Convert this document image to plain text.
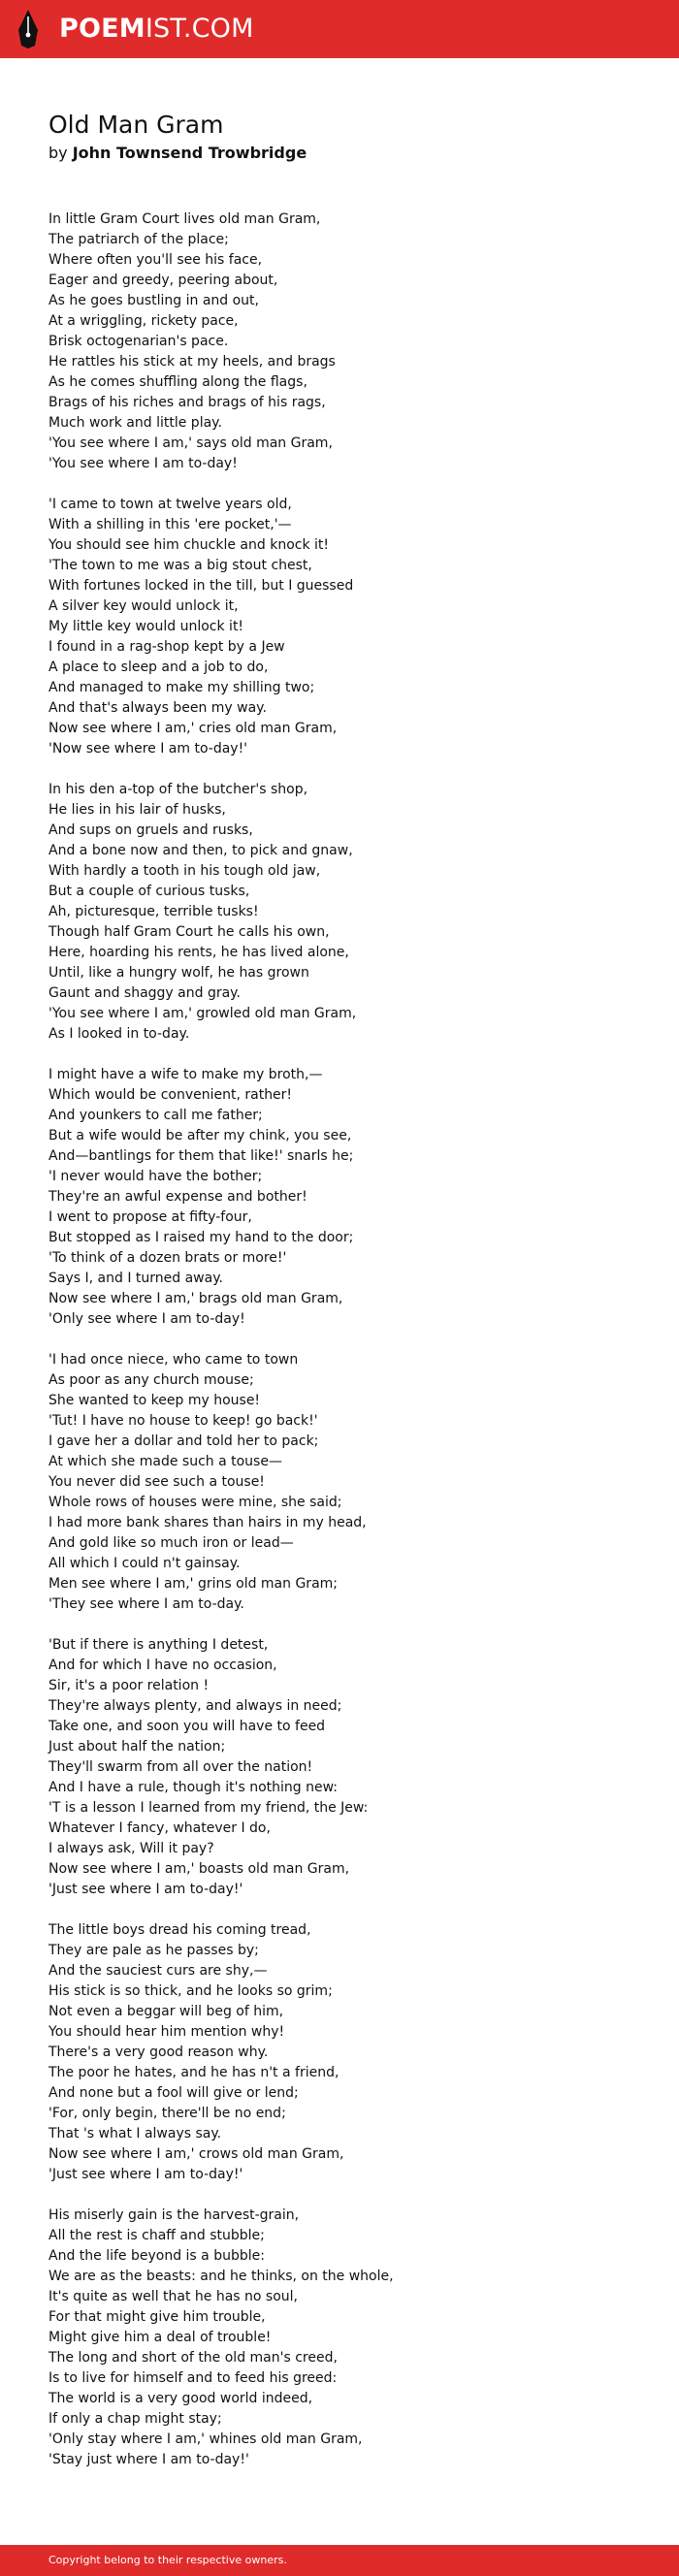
POEMIST.COM
Old Man Gram
by John Townsend Trowbridge
In little Gram Court lives old man Gram,
The patriarch of the place;
Where often you'll see his face,
Eager and greedy, peering about,
As he goes bustling in and out,
At a wriggling, rickety pace,
Brisk octogenarian's pace.
He rattles his stick at my heels, and brags
As he comes shuffling along the flags,
Brags of his riches and brags of his rags,
Much work and little play.
'You see where I am,' says old man Gram,
'You see where I am to-day!
'I came to town at twelve years old,
With a shilling in this 'ere pocket,'—
You should see him chuckle and knock it!
'The town to me was a big stout chest,
With fortunes locked in the till, but I guessed
A silver key would unlock it,
My little key would unlock it!
I found in a rag-shop kept by a Jew
A place to sleep and a job to do,
And managed to make my shilling two;
And that's always been my way.
Now see where I am,' cries old man Gram,
'Now see where I am to-day!'
In his den a-top of the butcher's shop,
He lies in his lair of husks,
And sups on gruels and rusks,
And a bone now and then, to pick and gnaw,
With hardly a tooth in his tough old jaw,
But a couple of curious tusks,
Ah, picturesque, terrible tusks!
Though half Gram Court he calls his own,
Here, hoarding his rents, he has lived alone,
Until, like a hungry wolf, he has grown
Gaunt and shaggy and gray.
'You see where I am,' growled old man Gram,
As I looked in to-day.
I might have a wife to make my broth,—
Which would be convenient, rather!
And younkers to call me father;
But a wife would be after my chink, you see,
And—bantlings for them that like!' snarls he;
'I never would have the bother;
They're an awful expense and bother!
I went to propose at fifty-four,
But stopped as I raised my hand to the door;
'To think of a dozen brats or more!'
Says I, and I turned away.
Now see where I am,' brags old man Gram,
'Only see where I am to-day!
'I had once niece, who came to town
As poor as any church mouse;
She wanted to keep my house!
'Tut! I have no house to keep! go back!'
I gave her a dollar and told her to pack;
At which she made such a touse—
You never did see such a touse!
Whole rows of houses were mine, she said;
I had more bank shares than hairs in my head,
And gold like so much iron or lead—
All which I could n't gainsay.
Men see where I am,' grins old man Gram;
'They see where I am to-day.
'But if there is anything I detest,
And for which I have no occasion,
Sir, it's a poor relation !
They're always plenty, and always in need;
Take one, and soon you will have to feed
Just about half the nation;
They'll swarm from all over the nation!
And I have a rule, though it's nothing new:
'T is a lesson I learned from my friend, the Jew:
Whatever I fancy, whatever I do,
I always ask, Will it pay?
Now see where I am,' boasts old man Gram,
'Just see where I am to-day!'
The little boys dread his coming tread,
They are pale as he passes by;
And the sauciest curs are shy,—
His stick is so thick, and he looks so grim;
Not even a beggar will beg of him,
You should hear him mention why!
There's a very good reason why.
The poor he hates, and he has n't a friend,
And none but a fool will give or lend;
'For, only begin, there'll be no end;
That 's what I always say.
Now see where I am,' crows old man Gram,
'Just see where I am to-day!'
His miserly gain is the harvest-grain,
All the rest is chaff and stubble;
And the life beyond is a bubble:
We are as the beasts: and he thinks, on the whole,
It's quite as well that he has no soul,
For that might give him trouble,
Might give him a deal of trouble!
The long and short of the old man's creed,
Is to live for himself and to feed his greed:
The world is a very good world indeed,
If only a chap might stay;
'Only stay where I am,' whines old man Gram,
'Stay just where I am to-day!'
Copyright belong to their respective owners.
